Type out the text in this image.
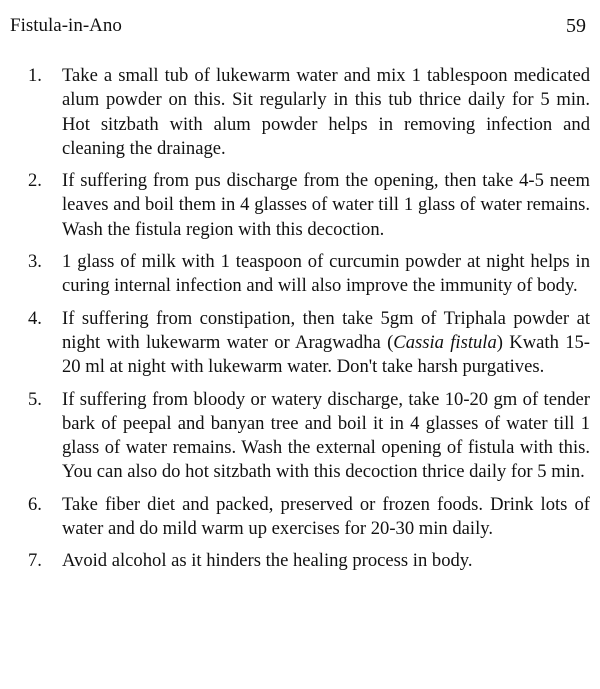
Fistula-in-Ano	59
1.	Take a small tub of lukewarm water and mix 1 tablespoon medicated alum powder on this. Sit regularly in this tub thrice daily for 5 min. Hot sitzbath with alum powder helps in removing infection and cleaning the drainage.
2.	If suffering from pus discharge from the opening, then take 4-5 neem leaves and boil them in 4 glasses of water till 1 glass of water remains. Wash the fistula region with this decoction.
3.	1 glass of milk with 1 teaspoon of curcumin powder at night helps in curing internal infection and will also improve the immunity of body.
4.	If suffering from constipation, then take 5gm of Triphala powder at night with lukewarm water or Aragwadha (Cassia fistula) Kwath 15-20 ml at night with lukewarm water. Don't take harsh purgatives.
5.	If suffering from bloody or watery discharge, take 10-20 gm of tender bark of peepal and banyan tree and boil it in 4 glasses of water till 1 glass of water remains. Wash the external opening of fistula with this. You can also do hot sitzbath with this decoction thrice daily for 5 min.
6.	Take fiber diet and packed, preserved or frozen foods. Drink lots of water and do mild warm up exercises for 20-30 min daily.
7.	Avoid alcohol as it hinders the healing process in body.
